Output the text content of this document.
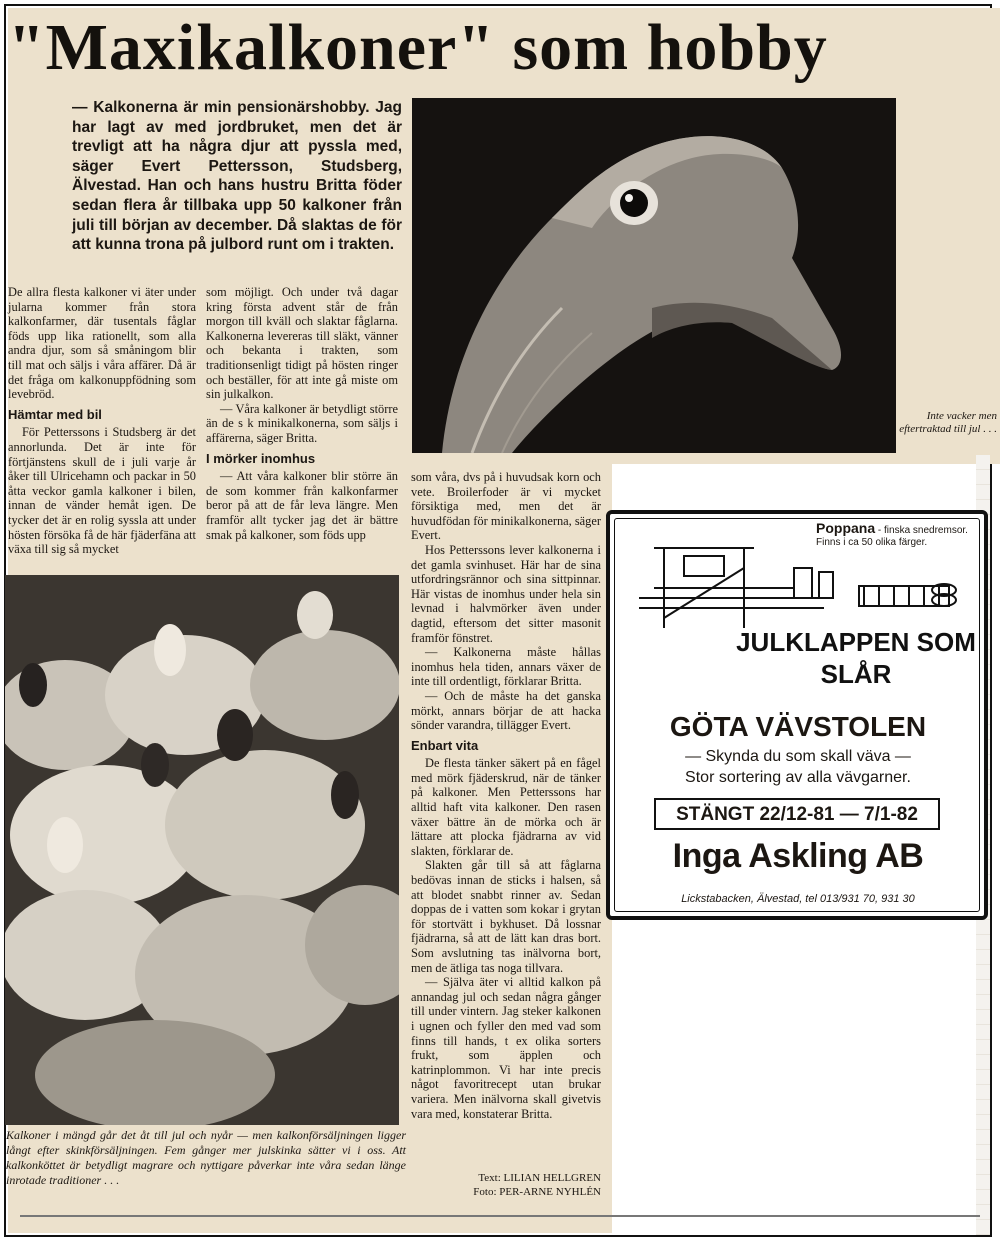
"Maxikalkoner" som hobby

— Kalkonerna är min pensionärshobby. Jag har lagt av med jordbruket, men det är trevligt att ha några djur att pyssla med, säger Evert Pettersson, Studsberg, Älvestad. Han och hans hustru Britta föder sedan flera år tillbaka upp 50 kalkoner från juli till början av december. Då slaktas de för att kunna trona på julbord runt om i trakten.

De allra flesta kalkoner vi äter under jularna kommer från stora kalkonfarmer, där tusentals fåglar föds upp lika rationellt, som alla andra djur, som så småningom blir till mat och säljs i våra affärer. Då är det fråga om kalkonuppfödning som levebröd.

Hämtar med bil

För Petterssons i Studsberg är det annorlunda. Det är inte för förtjänstens skull de i juli varje år åker till Ulricehamn och packar in 50 åtta veckor gamla kalkoner i bilen, innan de vänder hemåt igen. De tycker det är en rolig syssla att under hösten försöka få de här fjäderfäna att växa till sig så mycket

som möjligt. Och under två dagar kring första advent står de från morgon till kväll och slaktar fåglarna. Kalkonerna levereras till släkt, vänner och bekanta i trakten, som traditionsenligt tidigt på hösten ringer och beställer, för att inte gå miste om sin julkalkon.

— Våra kalkoner är betydligt större än de s k minikalkonerna, som säljs i affärerna, säger Britta.

I mörker inomhus

— Att våra kalkoner blir större än de som kommer från kalkonfarmer beror på att de får leva längre. Men framför allt tycker jag det är bättre smak på kalkoner, som föds upp

som våra, dvs på i huvudsak korn och vete. Broilerfoder är vi mycket försiktiga med, men det är huvudfödan för minikalkonerna, säger Evert.

Hos Petterssons lever kalkonerna i det gamla svinhuset. Här har de sina utfordringsrännor och sina sittpinnar. Här vistas de inomhus under hela sin levnad i halvmörker även under dagtid, eftersom det sitter masonit framför fönstret.

— Kalkonerna måste hållas inomhus hela tiden, annars växer de inte till ordentligt, förklarar Britta.

— Och de måste ha det ganska mörkt, annars börjar de att hacka sönder varandra, tillägger Evert.

Enbart vita

De flesta tänker säkert på en fågel med mörk fjäderskrud, när de tänker på kalkoner. Men Petterssons har alltid haft vita kalkoner. Den rasen växer bättre än de mörka och är lättare att plocka fjädrarna av vid slakten, förklarar de.

Slakten går till så att fåglarna bedövas innan de sticks i halsen, så att blodet snabbt rinner av. Sedan doppas de i vatten som kokar i grytan för stortvätt i bykhuset. Då lossnar fjädrarna, så att de lätt kan dras bort. Som avslutning tas inälvorna bort, men de ätliga tas noga tillvara.

— Själva äter vi alltid kalkon på annandag jul och sedan några gånger till under vintern. Jag steker kalkonen i ugnen och fyller den med vad som finns till hands, t ex olika sorters frukt, som äpplen och katrinplommon. Vi har inte precis något favoritrecept utan brukar variera. Men inälvorna skall givetvis vara med, konstaterar Britta.

Inte vacker men eftertraktad till jul . . .
Kalkoner i mängd går det åt till jul och nyår — men kalkonförsäljningen ligger långt efter skinkförsäljningen. Fem gånger mer julskinka sätter vi i oss. Att kalkonköttet är betydligt magrare och nyttigare påverkar inte våra sedan länge inrotade traditioner . . .	Text: LILIAN HELLGREN
Foto: PER-ARNE NYHLÉN
Poppana - finska snedremsor. Finns i ca 50 olika färger.
JULKLAPPEN SOM SLÅR
GÖTA VÄVSTOLEN
— Skynda du som skall väva —
Stor sortering av alla vävgarner.
STÄNGT 22/12-81 — 7/1-82
Inga Askling AB
Lickstabacken, Älvestad, tel 013/931 70, 931 30
